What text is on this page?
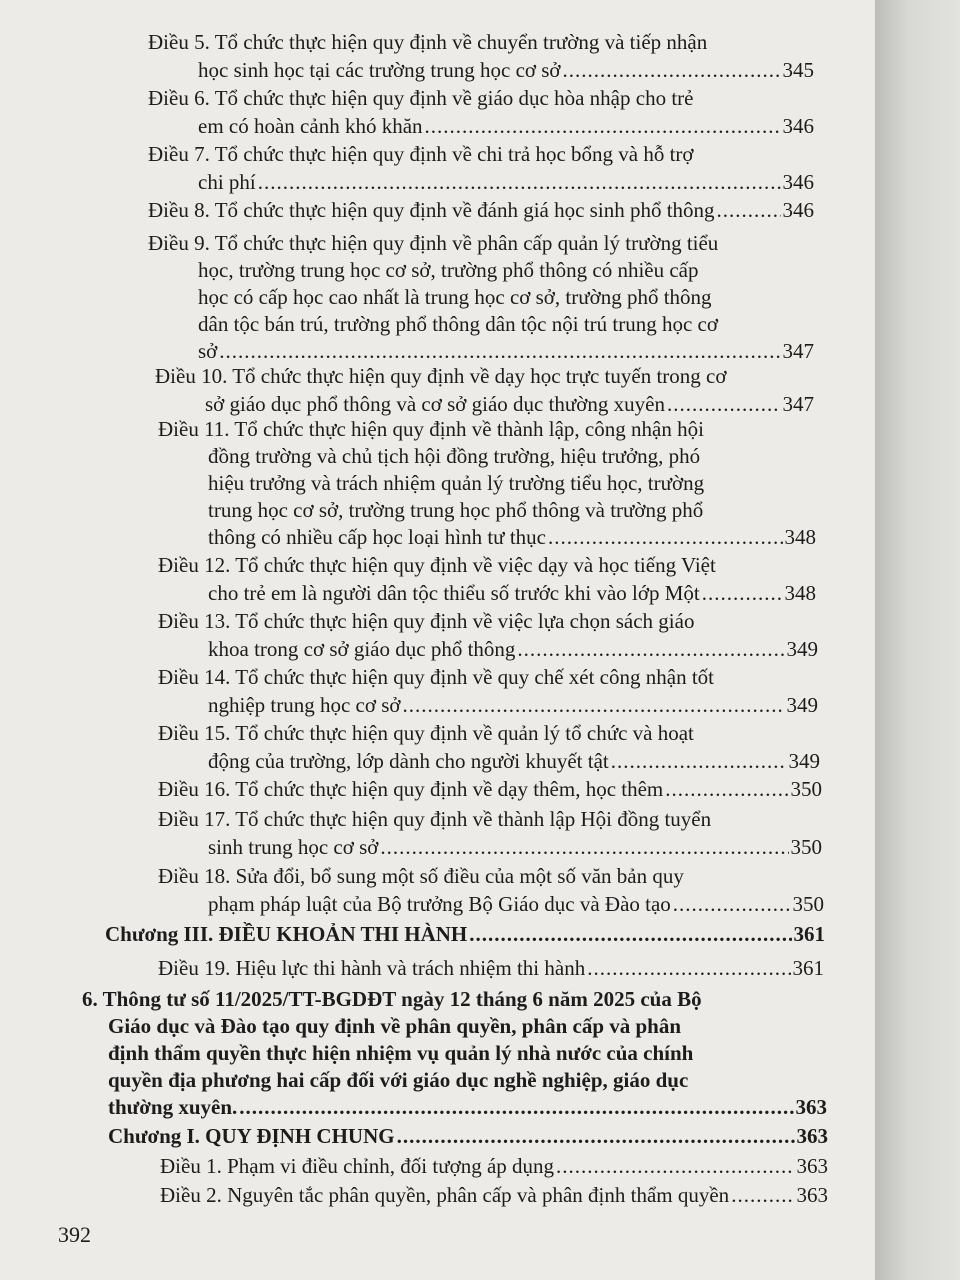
Điều 5. Tổ chức thực hiện quy định về chuyển trường và tiếp nhận
học sinh học tại các trường trung học cơ sở .....	345
Điều 6. Tổ chức thực hiện quy định về giáo dục hòa nhập cho trẻ
em có hoàn cảnh khó khăn .....	346
Điều 7. Tổ chức thực hiện quy định về chi trả học bổng và hỗ trợ
chi phí .....	346
Điều 8. Tổ chức thực hiện quy định về đánh giá học sinh phổ thông .....	346
Điều 9. Tổ chức thực hiện quy định về phân cấp quản lý trường tiểu
học, trường trung học cơ sở, trường phổ thông có nhiều cấp
học có cấp học cao nhất là trung học cơ sở, trường phổ thông
dân tộc bán trú, trường phổ thông dân tộc nội trú trung học cơ
sở .....	347
Điều 10. Tổ chức thực hiện quy định về dạy học trực tuyến trong cơ
sở giáo dục phổ thông và cơ sở giáo dục thường xuyên .....	347
Điều 11. Tổ chức thực hiện quy định về thành lập, công nhận hội
đồng trường và chủ tịch hội đồng trường, hiệu trưởng, phó
hiệu trưởng và trách nhiệm quản lý trường tiểu học, trường
trung học cơ sở, trường trung học phổ thông và trường phổ
thông có nhiều cấp học loại hình tư thục .....	348
Điều 12. Tổ chức thực hiện quy định về việc dạy và học tiếng Việt
cho trẻ em là người dân tộc thiểu số trước khi vào lớp Một .....	348
Điều 13. Tổ chức thực hiện quy định về việc lựa chọn sách giáo
khoa trong cơ sở giáo dục phổ thông .....	349
Điều 14. Tổ chức thực hiện quy định về quy chế xét công nhận tốt
nghiệp trung học cơ sở .....	349
Điều 15. Tổ chức thực hiện quy định về quản lý tổ chức và hoạt
động của trường, lớp dành cho người khuyết tật .....	349
Điều 16. Tổ chức thực hiện quy định về dạy thêm, học thêm .....	350
Điều 17. Tổ chức thực hiện quy định về thành lập Hội đồng tuyển
sinh trung học cơ sở .....	350
Điều 18. Sửa đổi, bổ sung một số điều của một số văn bản quy
phạm pháp luật của Bộ trưởng Bộ Giáo dục và Đào tạo .....	350
Chương III. ĐIỀU KHOẢN THI HÀNH .....	361
Điều 19. Hiệu lực thi hành và trách nhiệm thi hành .....	361
6. Thông tư số 11/2025/TT-BGDĐT ngày 12 tháng 6 năm 2025 của Bộ
Giáo dục và Đào tạo quy định về phân quyền, phân cấp và phân
định thẩm quyền thực hiện nhiệm vụ quản lý nhà nước của chính
quyền địa phương hai cấp đối với giáo dục nghề nghiệp, giáo dục
thường xuyên. .....	363
Chương I. QUY ĐỊNH CHUNG .....	363
Điều 1. Phạm vi điều chỉnh, đối tượng áp dụng .....	363
Điều 2. Nguyên tắc phân quyền, phân cấp và phân định thẩm quyền .....	363
392
